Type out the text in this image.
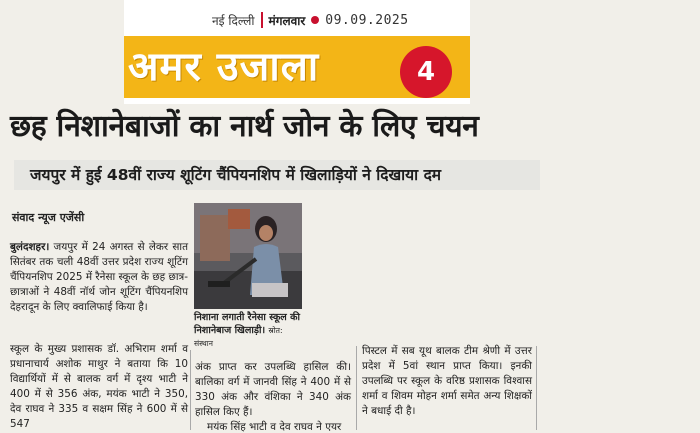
नई दिल्ली मंगलवार 09.09.2025
अमर उजाला	4
छह निशानेबाजों का नार्थ जोन के लिए चयन
जयपुर में हुई 48वीं राज्य शूटिंग चैंपियनशिप में खिलाड़ियों ने दिखाया दम
संवाद न्यूज एजेंसी

बुलंदशहर। जयपुर में 24 अगस्त से लेकर सात सितंबर तक चली 48वीं उत्तर प्रदेश राज्य शूटिंग चैंपियनशिप 2025 में रैनेसा स्कूल के छह छात्र-छात्राओं ने 48वीं नॉर्थ जोन शूटिंग चैंपियनशिप देहरादून के लिए क्वालिफाई किया है।

स्कूल के मुख्य प्रशासक डॉ. अभिराम शर्मा व प्रधानाचार्य अशोक माथुर ने बताया कि 10 विद्यार्थियों में से बालक वर्ग में दृश्य भाटी ने 400 में से 356 अंक, मयंक भाटी ने 350, देव राघव ने 335 व सक्षम सिंह ने 600 में से 547

निशाना लगाती रैनेसा स्कूल की निशानेबाज खिलाड़ी। स्रोत: संस्थान

अंक प्राप्त कर उपलब्धि हासिल की। बालिका वर्ग में जानवी सिंह ने 400 में से 330 अंक और वंशिका ने 340 अंक हासिल किए हैं।

मयंक सिंह भाटी व देव राघव ने एयर

पिस्टल में सब यूथ बालक टीम श्रेणी में उत्तर प्रदेश में 5वां स्थान प्राप्त किया। इनकी उपलब्धि पर स्कूल के वरिष्ठ प्रशासक विश्वास शर्मा व शिवम मोहन शर्मा समेत अन्य शिक्षकों ने बधाई दी है।
